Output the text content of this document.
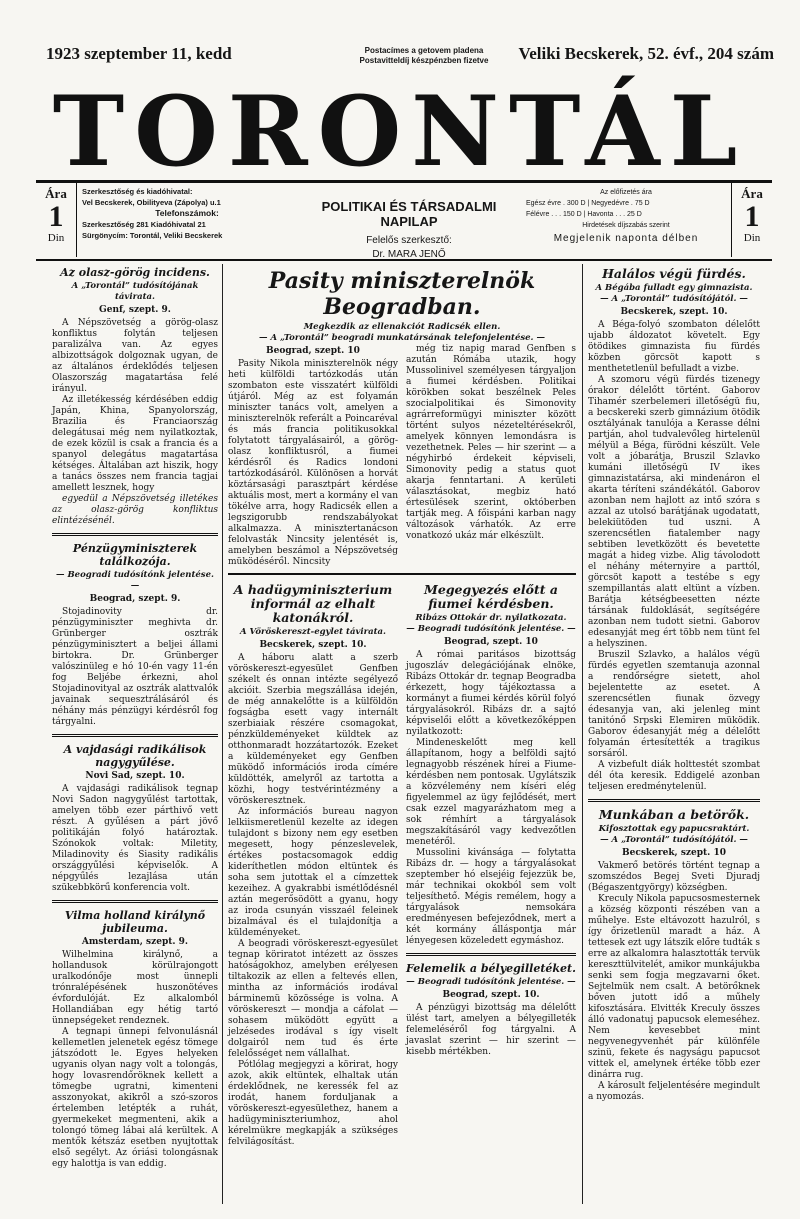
1923 szeptember 11, kedd	Postacímes a getovem pladena
Postavitteldíj készpénzben fizetve	Veliki Becskerek, 52. évf., 204 szám
TORONTÁL
Ára
1
Din
Szerkesztőség és kiadóhivatal:
Vel Becskerek, Obilityeva (Zápolya) u.1
Telefonszámok:
Szerkesztőség 281 Kiadóhivatal 21
Sürgönycím: Torontál, Veliki Becskerek
POLITIKAI ÉS TÁRSADALMI NAPILAP
Felelős szerkesztő:
Dr. MARA JENŐ
Az előfizetés ára
Egész évre . 300 D | Negyedévre . 75 D
Félévre . . . 150 D | Havonta . . . 25 D
Hirdetések díjszabás szerint
Megjelenik naponta délben
Ára
1
Din
Az olasz-görög incidens.
A „Torontál” tudósítójának távirata.
Genf, szept. 9.

A Népszövetség a görög-olasz konfliktus folytán teljesen paralizálva van. Az egyes albizottságok dolgoznak ugyan, de az általános érdeklődés teljesen Olaszország magatartása felé irányul.

Az illetékesség kérdésében eddig Japán, Khina, Spanyolország, Brazilia és Franciaország delegátusai még nem nyilatkoztak, de ezek közül is csak a francia és a spanyol delegátus magatartása kétséges. Általában azt hiszik, hogy a tanács összes nem francia tagjai amellett lesznek, hogy

egyedül a Népszövetség illetékes az olasz-görög konfliktus elintézésénél.

Pénzügyminiszterek találkozója.
— Beogradi tudósítónk jelentése. —
Beograd, szept. 9.

Stojadinovity dr. pénzügyminiszter meghivta dr. Grünberger osztrák pénzügyminisztert a beljei állami birtokra. Dr. Grünberger valószinüleg e hó 10-én vagy 11-én fog Beljébe érkezni, ahol Stojadinovityal az osztrák alattvalók javainak sequesztrálásáról és néhány más pénzügyi kérdésről fog tárgyalni.

A vajdasági radikálisok nagygyűlése.
Novi Sad, szept. 10.

A vajdasági radikálisok tegnap Novi Sadon nagygyűlést tartottak, amelyen több ezer párthivő vett részt. A gyűlésen a párt jövő politikáján folyó határoztak. Szónokok voltak: Miletity, Miladinovity és Siasity radikális országgyűlési képviselők. A népgyűlés lezajlása után szükebbkörű konferencia volt.

Vilma holland királynő jubileuma.
Amsterdam, szept. 9.

Wilhelmina királynő, a hollandusok körülrajongott uralkodónője most ünnepli trónralépésének huszonötéves évfordulóját. Ez alkalomból Hollandiában egy hétig tartó ünnepségeket rendeznek.

A tegnapi ünnepi felvonulásnál kellemetlen jelenetek egész tömege játszódott le. Egyes helyeken ugyanis olyan nagy volt a tolongás, hogy lovasrendőröknek kellett a tömegbe ugratni, kimenteni asszonyokat, akikről a szó-szoros értelemben letépték a ruhát, gyermekeket megmenteni, akik a tolongó tömeg lábai alá kerültek. A mentők kétszáz esetben nyujtottak első segélyt. Az óriási tolongásnak egy halottja is van eddig.

Pasity miniszterelnök Beogradban.
Megkezdik az ellenakciót Radicsék ellen.
— A „Torontál” beogradi munkatársának telefonjelentése. —
Beograd, szept. 10

Pasity Nikola miniszterelnök négy heti külföldi tartózkodás után szombaton este visszatért külföldi útjáról. Még az est folyamán miniszter tanács volt, amelyen a miniszterelnök referált a Poincaréval és más francia politikusokkal folytatott tárgyalásairól, a görög-olasz konfliktusról, a fiumei kérdésről és Radics londoni tartózkodásáról. Különösen a horvát köztársasági parasztpárt kérdése aktuális most, mert a kormány el van tökélve arra, hogy Radicsék ellen a legszigorubb rendszabályokat alkalmazza. A minisztertanácson felolvasták Nincsity jelentését is, amelyben beszámol a Népszövetség müködéséről. Nincsity

még tiz napig marad Genfben s azután Rómába utazik, hogy Mussolinivel személyesen tárgyaljon a fiumei kérdésben. Politikai körökben sokat beszélnek Peles szocialpolitikai és Simonovity agrárreformügyi miniszter között történt sulyos nézeteltérésekről, amelyek könnyen lemondásra is vezethetnek. Peles — hir szerint — a négyhirbó érdekeit képviseli, Simonovity pedig a status quot akarja fenntartani. A kerületi választásokat, megbiz ható értesülések szerint, októberben tartják meg. A főispáni karban nagy változások várhatók. Az erre vonatkozó ukáz már elkészült.

A hadügyminiszterium informál az elhalt katonákról.
A Vöröskereszt-egylet távirata.
Becskerek, szept. 10.

A háboru alatt a szerb vöröskereszt-egyesület Genfben székelt és onnan intézte segélyező akcióit. Szerbia megszállása idején, de még annakelőtte is a külföldön fogságba esett vagy internált szerbiaiak részére csomagokat, pénzküldeményeket küldtek az otthonmaradt hozzátartozók. Ezeket a küldeményeket egy Genfben müködő információs iroda címére küldötték, amelyről az tartotta a közhi, hogy testvérintézmény a vöröskeresztnek.

Az információs bureau nagyon lelkiismeretlenül kezelte az idegen tulajdont s bizony nem egy esetben megesett, hogy pénzeslevelek, értékes postacsomagok eddig kideríthetlen módon eltüntek és soha sem jutottak el a címzettek kezeihez. A gyakrabbi ismétlődésnél aztán megerősödött a gyanu, hogy az iroda csunyán visszaél feleinek bizalmával és el tulajdonítja a küldeményeket.

A beogradi vöröskereszt-egyesület tegnap köriratot intézett az összes hatóságokhoz, amelyben erélyesen tiltakozik az ellen a feltevés ellen, mintha az információs irodával bárminemü közössége is volna. A vöröskereszt — mondja a cáfolat — sohasem müködött együtt a jelzésedes irodával s így viselt dolgairól nem tud és érte felelősséget nem vállalhat.

Pótlólag megjegyzi a körirat, hogy azok, akik eltüntek, elhaltak után érdeklődnek, ne keressék fel az irodát, hanem forduljanak a vöröskereszt-egyesülethez, hanem a hadügyminiszteriumhoz, ahol kérelmükre megkapják a szükséges felvilágosítást.

Megegyezés előtt a fiumei kérdésben.
Ribázs Ottokár dr. nyilatkozata.
— Beogradi tudósítónk jelentése. —
Beograd, szept. 10

A római paritásos bizottság jugoszláv delegációjának elnöke, Ribázs Ottokár dr. tegnap Beogradba érkezett, hogy tájékoztassa a kormányt a fiumei kérdés körül folyó tárgyalásokról. Ribázs dr. a sajtó képviselői előtt a következőképpen nyilatkozott:

Mindeneskelőtt meg kell állapítanom, hogy a belföldi sajtó legnagyobb részének hírei a Fiume-kérdésben nem pontosak. Ugylátszik a közvélemény nem kíséri elég figyelemmel az ügy fejlődését, mert csak ezzel magyarázhatom meg a sok rémhírt a tárgyalások megszakításáról vagy kedvezőtlen menetéről.

Mussolini kivánsága — folytatta Ribázs dr. — hogy a tárgyalásokat szeptember hó elsejéig fejezzük be, már technikai okokból sem volt teljesíthető. Mégis remélem, hogy a tárgyalások nemsokára eredményesen befejeződnek, mert a két kormány álláspontja már lényegesen közeledett egymáshoz.

Felemelik a bélyegilletéket.
— Beogradi tudósítónk jelentése. —
Beograd, szept. 10.

A pénzügyi bizottság ma délelőtt ülést tart, amelyen a bélyegilleték felemeléséről fog tárgyalni. A javaslat szerint — hir szerint — kisebb mértékben.

Halálos végü fürdés.
A Bégába fulladt egy gimnazista.
— A „Torontál” tudósítójától. —
Becskerek, szept. 10.

A Béga-folyó szombaton délelőtt ujabb áldozatot követelt. Egy ötödikes gimnazista fiu fürdés közben görcsöt kapott s menthetetlenül befulladt a vizbe.

A szomoru végü fürdés tizenegy órakor délelőtt történt. Gaborov Tihamér szerbelemeri illetőségü fiu, a becskereki szerb gimnázium ötödik osztályának tanulója a Kerasse délni partján, ahol tudvalevőleg hirtelenül mélyül a Béga, fürödni készült. Vele volt a jóbarátja, Bruszil Szlavko kumáni illetőségü IV ikes gimnazistatársa, aki mindenáron el akarta téríteni szándékától. Gaborov azonban nem hajlott az intő szóra s azzal az utolsó barátjának ugodatatt, belekiütöden tud uszni. A szerencsétlen fiatalember nagy sebtiben levetközött és bevetette magát a hideg vizbe. Alig távolodott el néhány méternyire a parttól, görcsöt kapott a testébe s egy szempillantás alatt eltünt a vízben. Barátja kétségbeesetten nézte társának fuldoklását, segítségére azonban nem tudott sietni. Gaborov edesanyját meg ért több nem tünt fel a helyszinen.

Bruszil Szlavko, a halálos végü fürdés egyetlen szemtanuja azonnal a rendőrségre sietett, ahol bejelentette az esetet. A szerencsétlen fiunak özvegy édesanyja van, aki jelenleg mint tanitónő Srpski Elemiren müködik. Gaborov édesanyját még a délelőtt folyamán értesítették a tragikus sorsáról.

A vizbefult diák holttestét szombat dél óta keresik. Eddigelé azonban teljesen eredménytelenül.

Munkában a betörők.
Kifosztottak egy papucsraktárt.
— A „Torontál” tudósítójától. —
Becskerek, szept. 10

Vakmerő betörés történt tegnap a szomszédos Begej Sveti Djuradj (Bégaszentgyörgy) községben.

Kreculy Nikola papucsosmesternek a község központi részében van a műhelye. Este eltávozott hazulról, s így őrizetlenül maradt a ház. A tettesek ezt ugy látszik előre tudták s erre az alkalomra halasztották tervük kereszttülvitelét, amikor munkájukba senki sem fogja megzavarni őket. Sejtelmük nem csalt. A betörőknek bőven jutott idő a műhely kifosztására. Elvitték Kreculy összes álló vadonatuj papucsok elemeséhez. Nem kevesebbet mint negyvenegyvenhét pár különféle szinü, fekete és nagyságu papucsot vittek el, amelynek értéke több ezer dinárra rug.

A károsult feljelentésére megindult a nyomozás.
